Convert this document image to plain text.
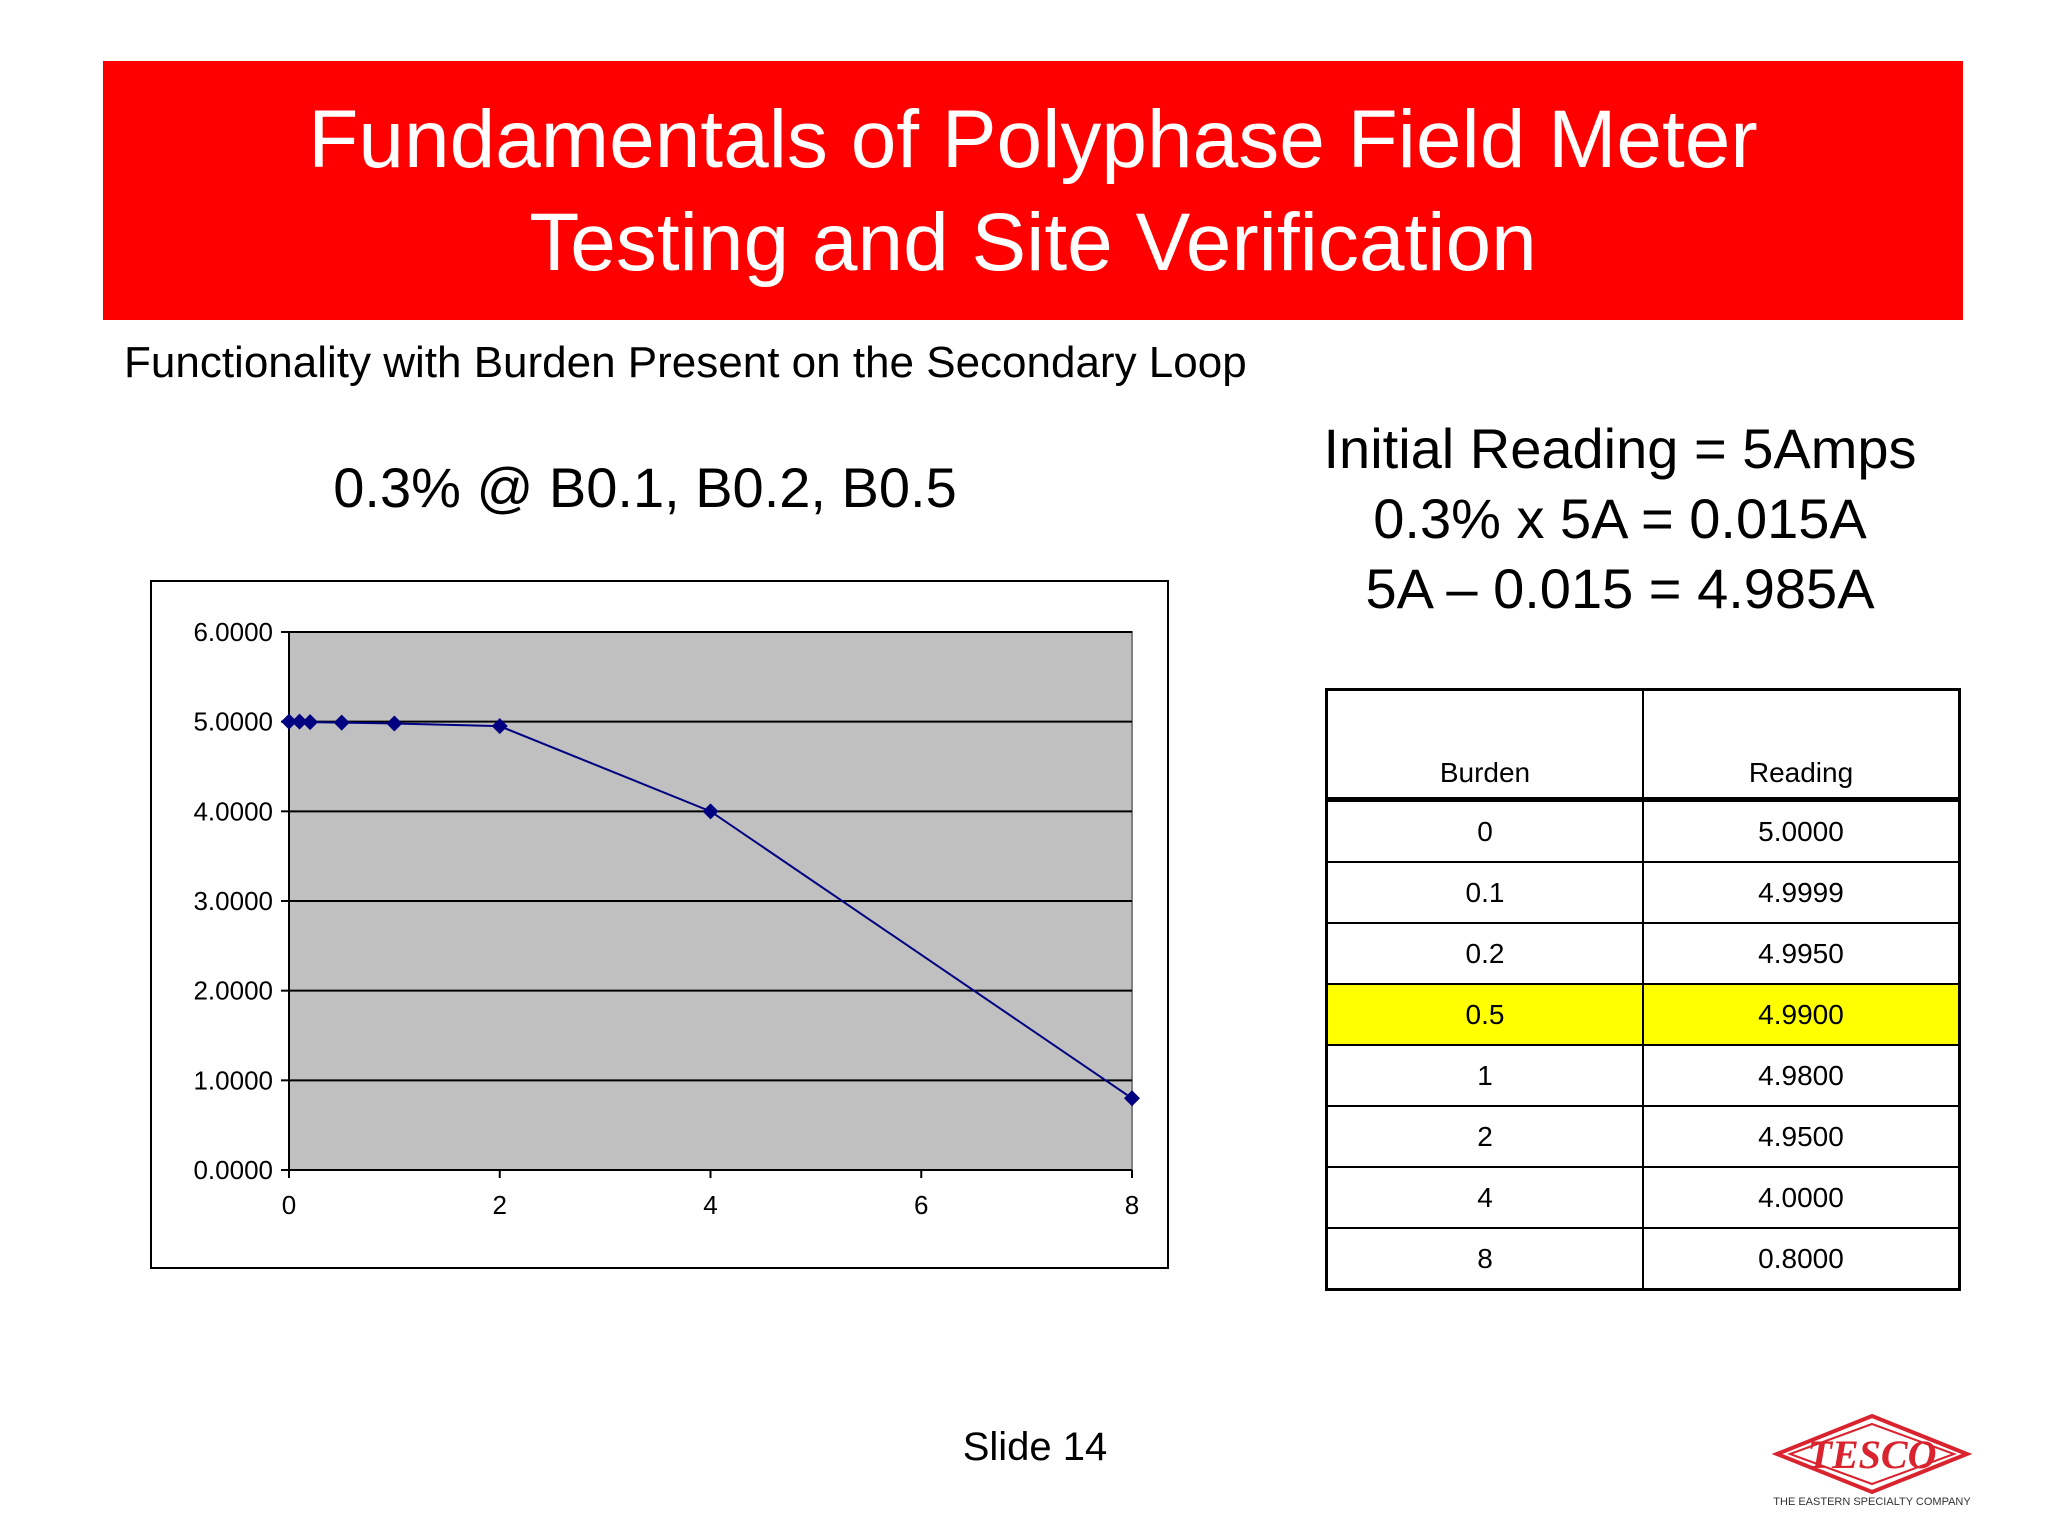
Fundamentals of Polyphase Field Meter
Testing and Site Verification
Functionality with Burden Present on the Secondary Loop
0.3% @ B0.1, B0.2, B0.5
Initial Reading = 5Amps
0.3% x 5A = 0.015A
5A – 0.015 = 4.985A
0.0000
1.0000
2.0000
3.0000
4.0000
5.0000
6.0000
0	2	4	6	8
Burden	Reading
0	5.0000
0.1	4.9999
0.2	4.9950
0.5	4.9900
1	4.9800
2	4.9500
4	4.0000
8	0.8000
Slide 14	TESCO
THE EASTERN SPECIALTY COMPANY
